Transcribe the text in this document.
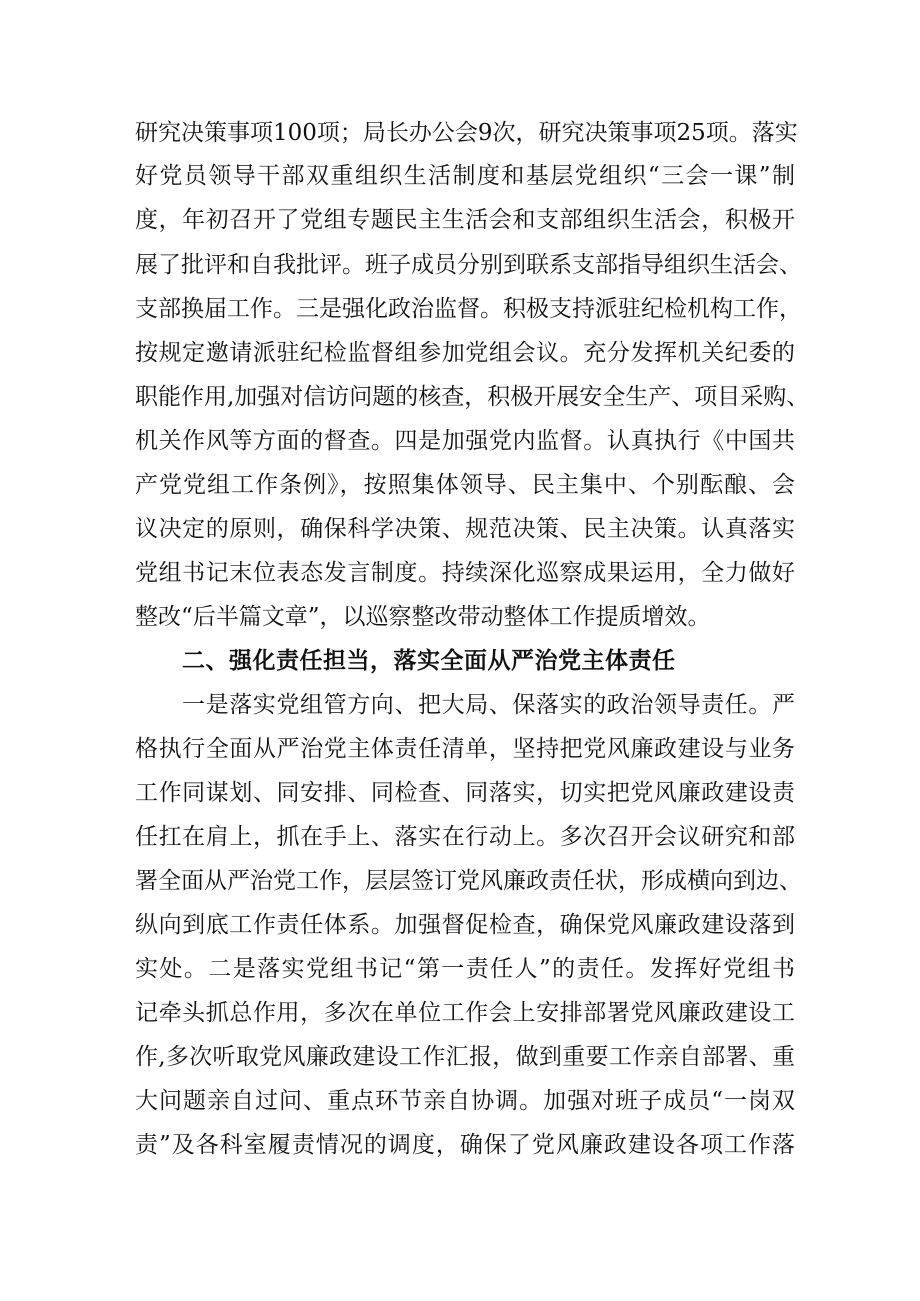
研究决策事项100项；局长办公会9次，研究决策事项25项。落实
好党员领导干部双重组织生活制度和基层党组织“三会一课”制
度，年初召开了党组专题民主生活会和支部组织生活会，积极开
展了批评和自我批评。班子成员分别到联系支部指导组织生活会、
支部换届工作。三是强化政治监督。积极支持派驻纪检机构工作，
按规定邀请派驻纪检监督组参加党组会议。充分发挥机关纪委的
职能作用,加强对信访问题的核查，积极开展安全生产、项目采购、
机关作风等方面的督查。四是加强党内监督。认真执行《中国共
产党党组工作条例》，按照集体领导、民主集中、个别酝酿、会
议决定的原则，确保科学决策、规范决策、民主决策。认真落实
党组书记末位表态发言制度。持续深化巡察成果运用，全力做好
整改“后半篇文章”，以巡察整改带动整体工作提质增效。
二、强化责任担当，落实全面从严治党主体责任
一是落实党组管方向、把大局、保落实的政治领导责任。严
格执行全面从严治党主体责任清单，坚持把党风廉政建设与业务
工作同谋划、同安排、同检查、同落实，切实把党风廉政建设责
任扛在肩上，抓在手上、落实在行动上。多次召开会议研究和部
署全面从严治党工作，层层签订党风廉政责任状，形成横向到边、
纵向到底工作责任体系。加强督促检查，确保党风廉政建设落到
实处。二是落实党组书记“第一责任人”的责任。发挥好党组书
记牵头抓总作用，多次在单位工作会上安排部署党风廉政建设工
作,多次听取党风廉政建设工作汇报，做到重要工作亲自部署、重
大问题亲自过问、重点环节亲自协调。加强对班子成员“一岗双
责”及各科室履责情况的调度，确保了党风廉政建设各项工作落
